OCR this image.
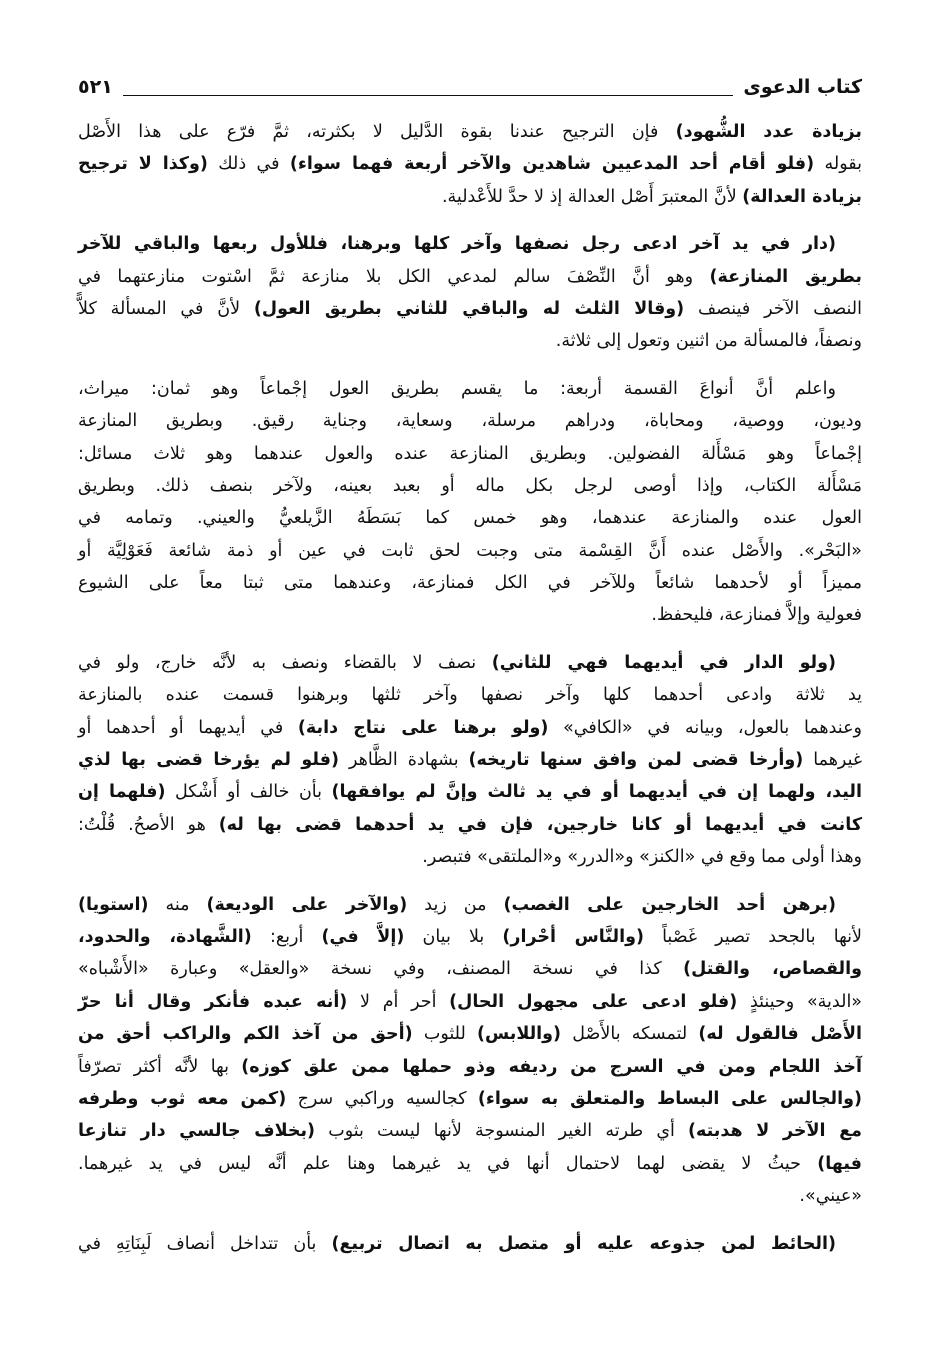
كتاب الدعوى
٥٢١
بزيادة عدد الشُّهود) فإن الترجيح عندنا بقوة الدَّليل لا بكثرته، ثمَّ فرّع على هذا الأَصْل
بقوله (فلو أقام أحد المدعيين شاهدين والآخر أربعة فهما سواء) في ذلك (وكذا لا ترجيح
بزيادة العدالة) لأنَّ المعتبرَ أَصْل العدالة إذ لا حدَّ للأَعْدلية.
(دار في يد آخر ادعى رجل نصفها وآخر كلها وبرهنا، فللأول ربعها والباقي للآخر
بطريق المنازعة) وهو أنَّ النِّصْفَ سالم لمدعي الكل بلا منازعة ثمَّ اسْتوت منازعتهما في
النصف الآخر فينصف (وقالا الثلث له والباقي للثاني بطريق العول) لأنَّ في المسألة كلاًّ
ونصفاً، فالمسألة من اثنين وتعول إلى ثلاثة.
واعلم أنَّ أنواعَ القسمة أربعة: ما يقسم بطريق العول إجْماعاً وهو ثمان: ميراث،
وديون، ووصية، ومحاباة، ودراهم مرسلة، وسعاية، وجناية رقيق. وبطريق المنازعة
إجْماعاً وهو مَسْأَلة الفضولين. وبطريق المنازعة عنده والعول عندهما وهو ثلاث مسائل:
مَسْأَلة الكتاب، وإذا أوصى لرجل بكل ماله أو بعبد بعينه، ولآخر بنصف ذلك. وبطريق
العول عنده والمنازعة عندهما، وهو خمس كما بَسَطَهُ الزَّيلعيُّ والعيني. وتمامه في
«البَحْر». والأَصْل عنده أَنَّ القِسْمة متى وجبت لحق ثابت في عين أو ذمة شائعة فَعَوْلِيَّة أو
مميزاً أو لأحدهما شائعاً وللآخر في الكل فمنازعة، وعندهما متى ثبتا معاً على الشيوع
فعولية وإلاَّ فمنازعة، فليحفظ.
(ولو الدار في أيديهما فهي للثاني) نصف لا بالقضاء ونصف به لأنَّه خارج، ولو في
يد ثلاثة وادعى أحدهما كلها وآخر نصفها وآخر ثلثها وبرهنوا قسمت عنده بالمنازعة
وعندهما بالعول، وبيانه في «الكافي» (ولو برهنا على نتاج دابة) في أيديهما أو أحدهما أو
غيرهما (وأرخا قضى لمن وافق سنها تاريخه) بشهادة الظَّاهر (فلو لم يؤرخا قضى بها لذي
اليد، ولهما إن في أيديهما أو في يد ثالث وإنَّ لم يوافقها) بأن خالف أو أَشْكل (فلهما إن
كانت في أيديهما أو كانا خارجين، فإن في يد أحدهما قضى بها له) هو الأصحُ. قُلْتُ:
وهذا أولى مما وقع في «الكنز» و«الدرر» و«الملتقى» فتبصر.
(برهن أحد الخارجين على الغصب) من زيد (والآخر على الوديعة) منه (استويا)
لأنها بالجحد تصير غَصْباً (والنَّاس أحْرار) بلا بيان (إلاَّ في) أربع: (الشَّهادة، والحدود،
والقصاص، والقتل) كذا في نسخة المصنف، وفي نسخة «والعقل» وعبارة «الأَشْباه»
«الدية» وحينئذٍ (فلو ادعى على مجهول الحال) أحر أم لا (أنه عبده فأنكر وقال أنا حرّ
الأَصْل فالقول له) لتمسكه بالأَصْل (واللابس) للثوب (أحق من آخذ الكم والراكب أحق من
آخذ اللجام ومن في السرج من رديفه وذو حملها ممن علق كوزه) بها لأنَّه أكثر تصرّفاً
(والجالس على البساط والمتعلق به سواء) كجالسيه وراكبي سرج (كمن معه ثوب وطرفه
مع الآخر لا هدبته) أي طرته الغير المنسوجة لأنها ليست بثوب (بخلاف جالسي دار تنازعا
فيها) حيثُ لا يقضى لهما لاحتمال أنها في يد غيرهما وهنا علم أنَّه ليس في يد غيرهما.
«عيني».
(الحائط لمن جذوعه عليه أو متصل به اتصال تربيع) بأن تتداخل أنصاف لَبِنَاتِهِ في
